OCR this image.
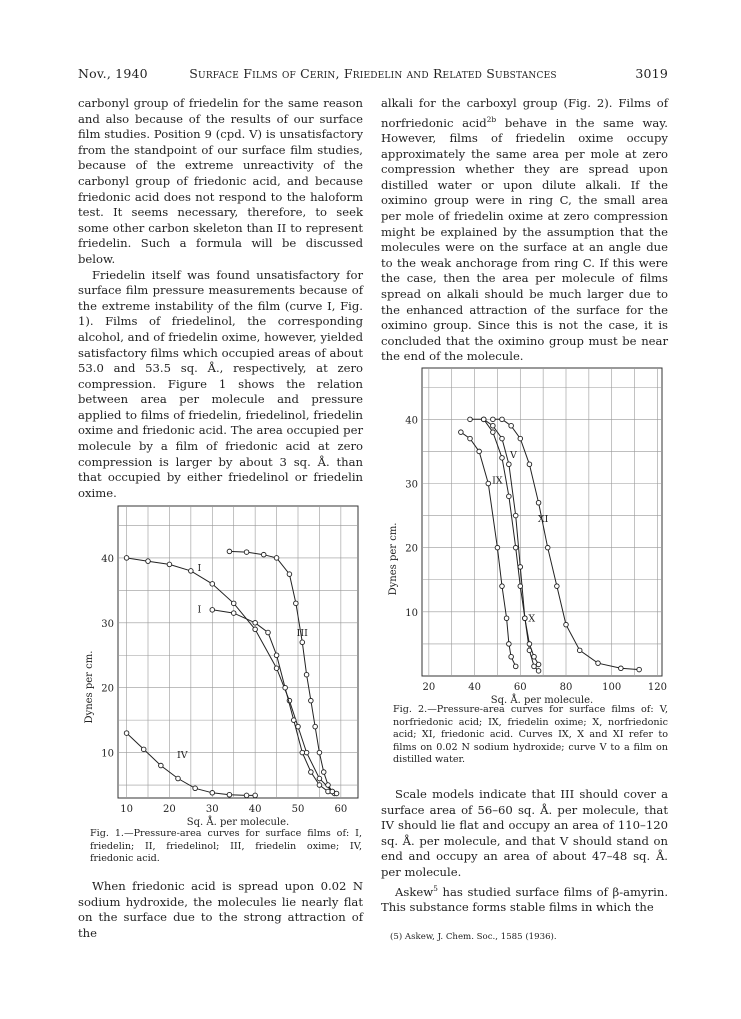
Nov., 1940	Surface Films of Cerin, Friedelin and Related Substances	3019

carbonyl group of friedelin for the same reason and also because of the results of our surface film studies. Position 9 (cpd. V) is unsatisfactory from the standpoint of our surface film studies, because of the extreme unreactivity of the carbonyl group of friedonic acid, and because friedonic acid does not respond to the haloform test. It seems necessary, therefore, to seek some other carbon skeleton than II to represent friedelin. Such a formula will be discussed below.

Friedelin itself was found unsatisfactory for surface film pressure measurements because of the extreme instability of the film (curve I, Fig. 1). Films of friedelinol, the corresponding alcohol, and of friedelin oxime, however, yielded satisfactory films which occupied areas of about 53.0 and 53.5 sq. Å., respectively, at zero compression. Figure 1 shows the relation between area per molecule and pressure applied to films of friedelin, friedelinol, friedelin oxime and friedonic acid. The area occupied per molecule by a film of friedonic acid at zero compression is larger by about 3 sq. Å. than that occupied by either friedelinol or friedelin oxime.

alkali for the carboxyl group (Fig. 2). Films of norfriedonic acid$^{2b}$ behave in the same way. However, films of friedelin oxime occupy approximately the same area per mole at zero compression whether they are spread upon distilled water or upon dilute alkali. If the oximino group were in ring C, the small area per mole of friedelin oxime at zero compression might be explained by the assumption that the molecules were on the surface at an angle due to the weak anchorage from ring C. If this were the case, then the area per molecule of films spread on alkali should be much larger due to the enhanced attraction of the surface for the oximino group. Since this is not the case, it is concluded that the oximino group must be near the end of the molecule.

10	20	30	40	50	60
10
20
30
40
Sq. Å. per molecule.
Dynes per cm.
I
I
III
IV
Fig. 1.—Pressure-area curves for surface films of: I, friedelin; II, friedelinol; III, friedelin oxime; IV, friedonic acid.
20	40	60	80	100	120
10
20
30
40
Sq. Å. per molecule.
Dynes per cm.
V
IX
XI
X
Fig. 2.—Pressure-area curves for surface films of: V, norfriedonic acid; IX, friedelin oxime; X, norfriedonic acid; XI, friedonic acid. Curves IX, X and XI refer to films on 0.02 N sodium hydroxide; curve V to a film on distilled water.

When friedonic acid is spread upon 0.02 N sodium hydroxide, the molecules lie nearly flat on the surface due to the strong attraction of the

Scale models indicate that III should cover a surface area of 56–60 sq. Å. per molecule, that IV should lie flat and occupy an area of 110–120 sq. Å. per molecule, and that V should stand on end and occupy an area of about 47–48 sq. Å. per molecule.

Askew$^5$ has studied surface films of β-amyrin. This substance forms stable films in which the

(5) Askew, J. Chem. Soc., 1585 (1936).
